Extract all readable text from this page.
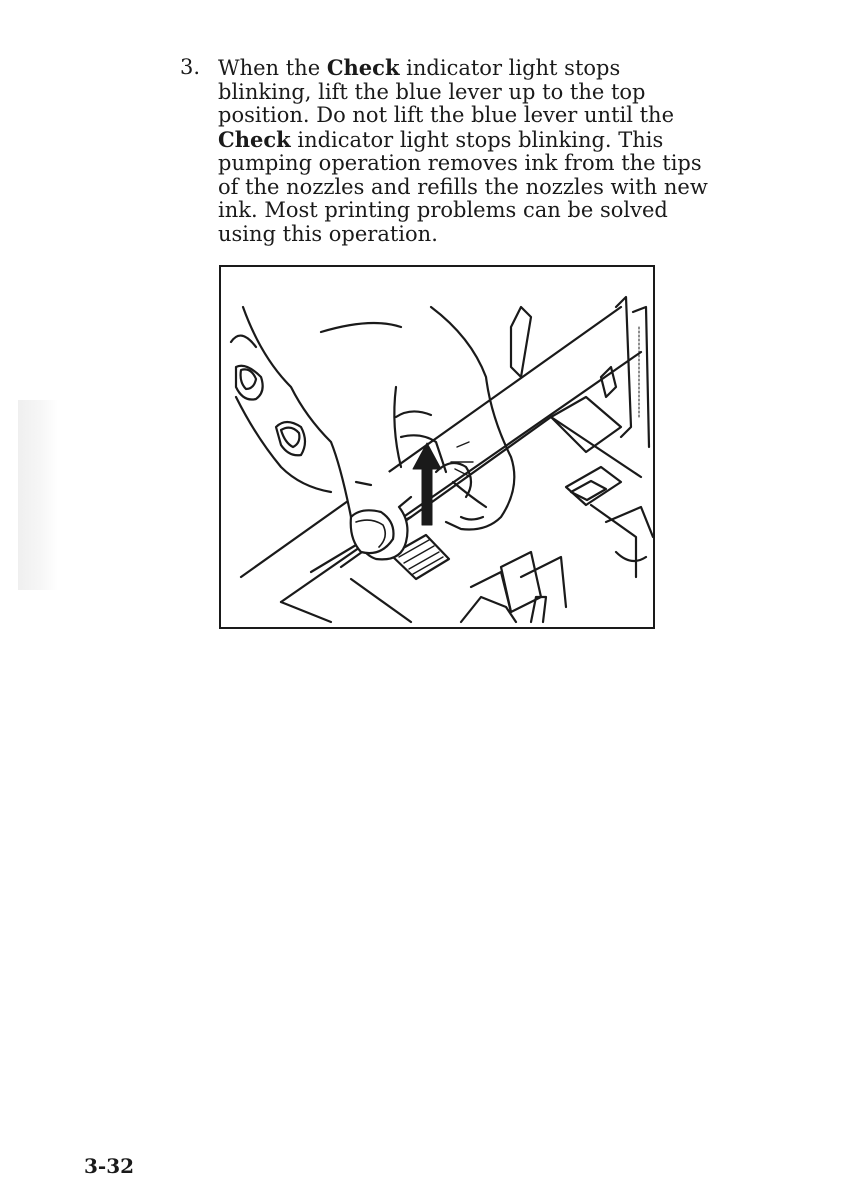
3. When the Check indicator light stops blinking, lift the blue lever up to the top position. Do not lift the blue lever until the Check indicator light stops blinking. This pumping operation removes ink from the tips of the nozzles and refills the nozzles with new ink. Most printing problems can be solved using this operation.
3-32
